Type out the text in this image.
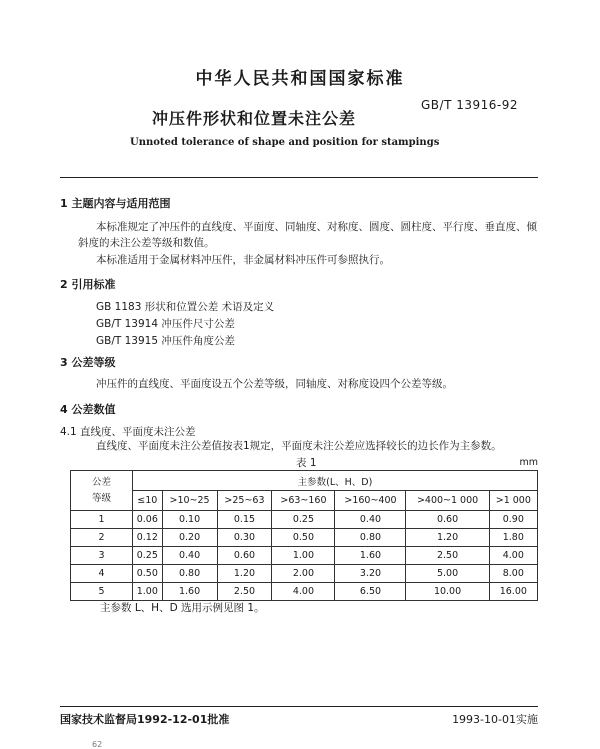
中华人民共和国国家标准
GB/T 13916-92
冲压件形状和位置未注公差
Unnoted tolerance of shape and position for stampings
1 主题内容与适用范围
本标准规定了冲压件的直线度、平面度、同轴度、对称度、圆度、圆柱度、平行度、垂直度、倾斜度的未注公差等级和数值。
本标准适用于金属材料冲压件，非金属材料冲压件可参照执行。
2 引用标准
GB 1183 形状和位置公差 术语及定义
GB/T 13914 冲压件尺寸公差
GB/T 13915 冲压件角度公差
3 公差等级
冲压件的直线度、平面度设五个公差等级，同轴度、对称度设四个公差等级。
4 公差数值
4.1 直线度、平面度未注公差
直线度、平面度未注公差值按表1规定，平面度未注公差应选择较长的边长作为主参数。
表 1	mm
公差
等级	主参数(L、H、D)						
	≤10	>10~25	>25~63	>63~160	>160~400	>400~1 000	>1 000
1	0.06	0.10	0.15	0.25	0.40	0.60	0.90
2	0.12	0.20	0.30	0.50	0.80	1.20	1.80
3	0.25	0.40	0.60	1.00	1.60	2.50	4.00
4	0.50	0.80	1.20	2.00	3.20	5.00	8.00
5	1.00	1.60	2.50	4.00	6.50	10.00	16.00
主参数 L、H、D 选用示例见图 1。
国家技术监督局1992-12-01批准	1993-10-01实施
62
